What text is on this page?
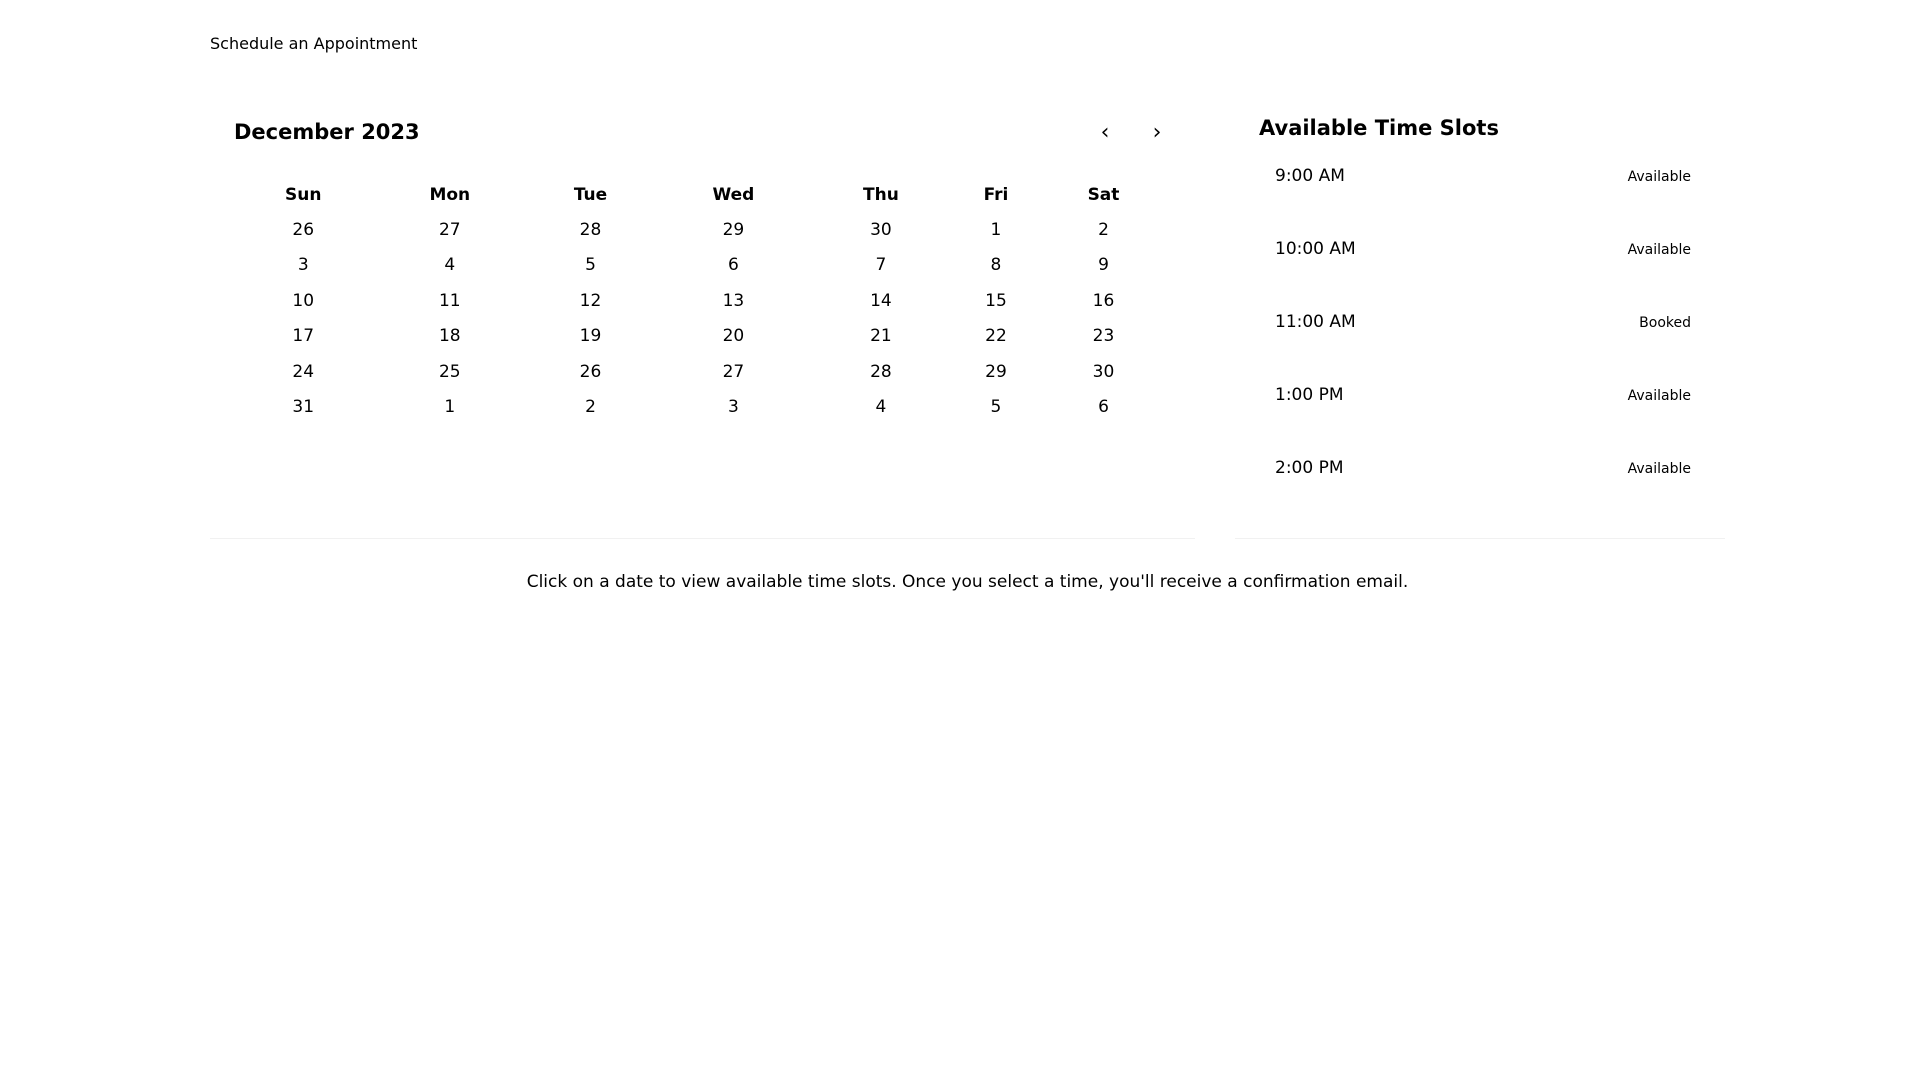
Schedule an Appointment
December 2023	‹	›
Sun	Mon	Tue	Wed	Thu	Fri	Sat
26	27	28	29	30	1	2
3	4	5	6	7	8	9
10	11	12	13	14	15	16
17	18	19	20	21	22	23
24	25	26	27	28	29	30
31	1	2	3	4	5	6
Available Time Slots
9:00 AM	Available
10:00 AM	Available
11:00 AM	Booked
1:00 PM	Available
2:00 PM	Available
Click on a date to view available time slots. Once you select a time, you'll receive a confirmation email.
